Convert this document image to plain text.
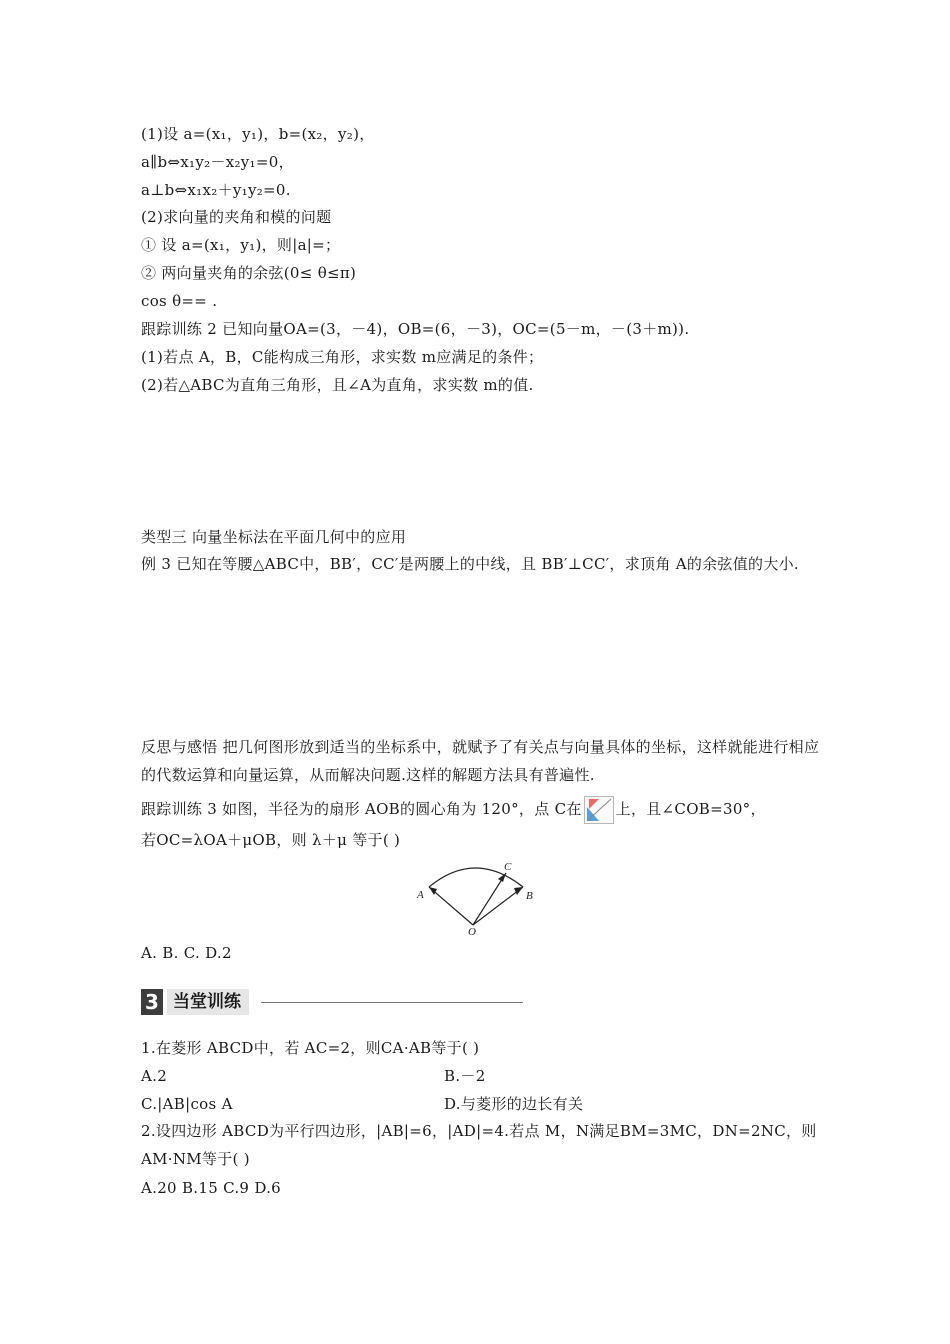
(1)设 a=(x₁，y₁)，b=(x₂，y₂)，
a∥b⇔x₁y₂－x₂y₁=0，
a⊥b⇔x₁x₂＋y₁y₂=0.
(2)求向量的夹角和模的问题
① 设 a=(x₁，y₁)，则|a|=；
② 两向量夹角的余弦(0≤ θ≤π)
cos θ== .
跟踪训练 2 已知向量OA=(3，－4)，OB=(6，－3)，OC=(5－m，－(3＋m)).
(1)若点 A，B，C能构成三角形，求实数 m应满足的条件；
(2)若△ABC为直角三角形，且∠A为直角，求实数 m的值.
类型三 向量坐标法在平面几何中的应用
例 3 已知在等腰△ABC中，BB′，CC′是两腰上的中线，且 BB′⊥CC′，求顶角 A的余弦值的大小.
反思与感悟 把几何图形放到适当的坐标系中，就赋予了有关点与向量具体的坐标，这样就能进行相应的代数运算和向量运算，从而解决问题.这样的解题方法具有普遍性.
跟踪训练 3 如图，半径为的扇形 AOB的圆心角为 120°，点 C在 上，且∠COB=30°，
若OC=λOA＋μOB，则 λ＋μ 等于( )
A	B
C
O
A. B. C. D.2
3 当堂训练
1.在菱形 ABCD中，若 AC=2，则CA·AB等于( )
A.2	B.－2
C.|AB|cos A	D.与菱形的边长有关
2.设四边形 ABCD为平行四边形，|AB|=6，|AD|=4.若点 M，N满足BM=3MC，DN=2NC，则AM·NM等于( )
A.20 B.15 C.9 D.6
